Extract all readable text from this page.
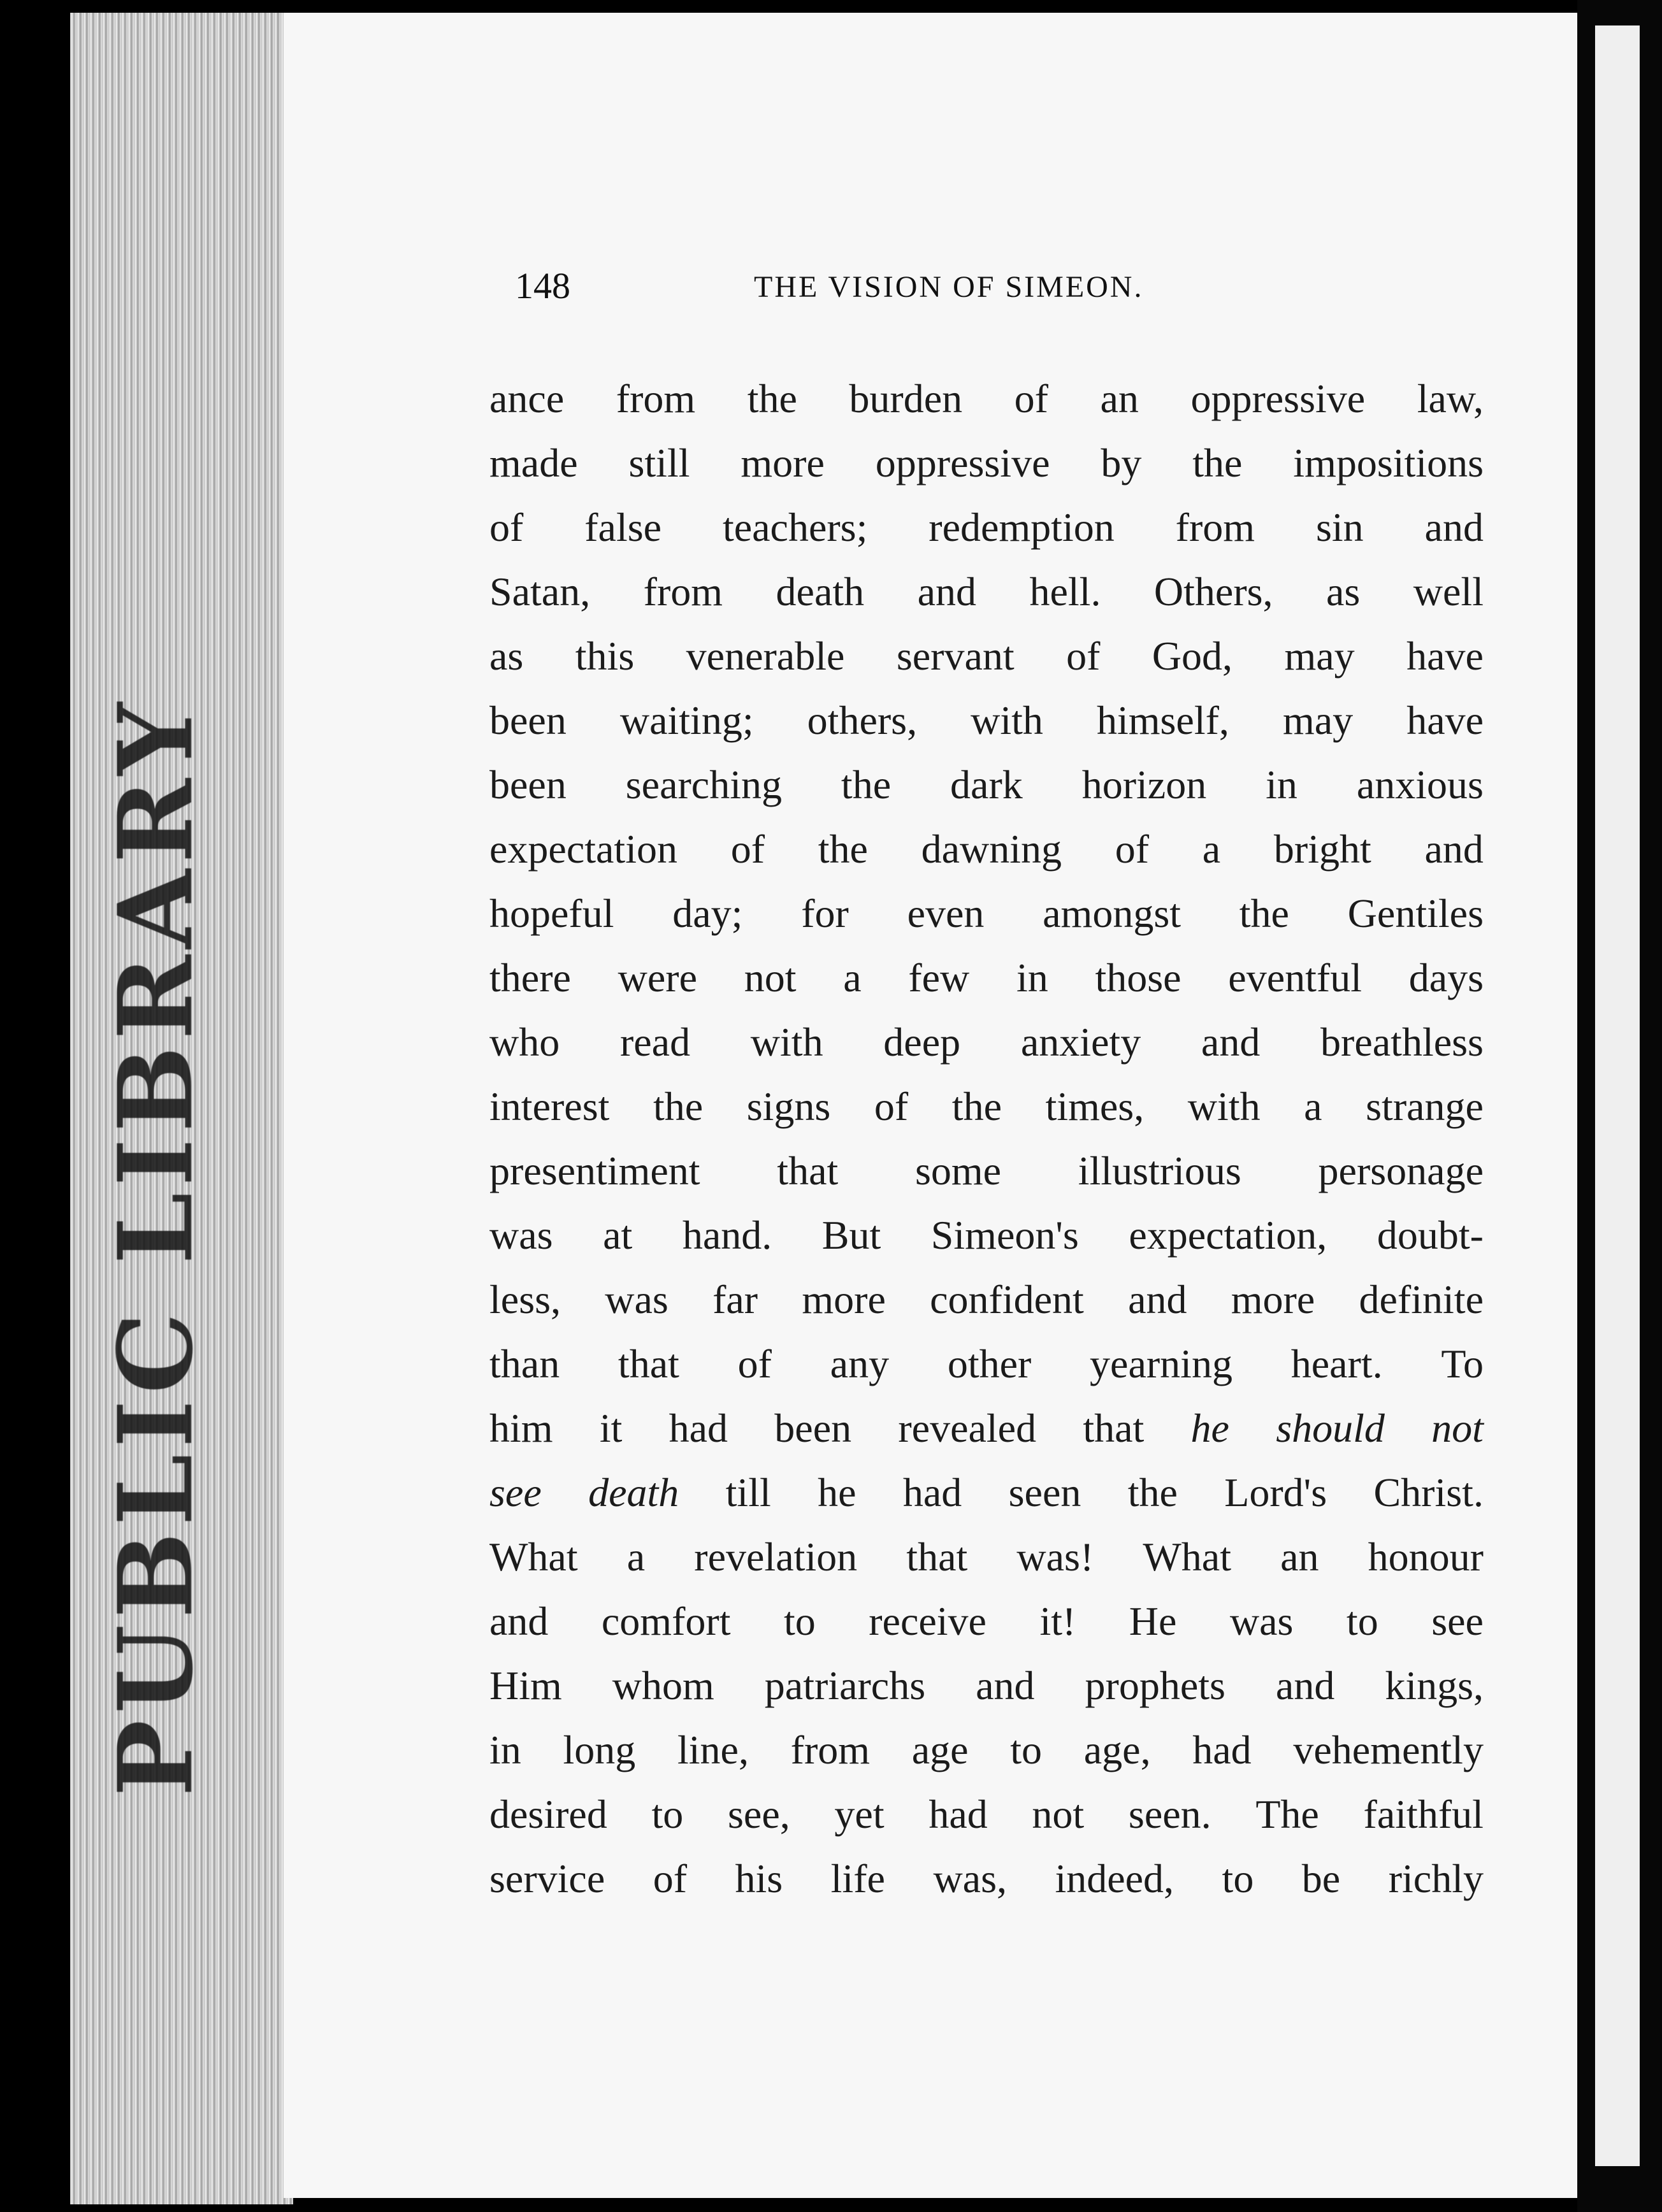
PUBLIC LIBRARY
148	THE VISION OF SIMEON.
ance from the burden of an oppressive law,
made still more oppressive by the impositions
of false teachers; redemption from sin and
Satan, from death and hell. Others, as well
as this venerable servant of God, may have
been waiting; others, with himself, may have
been searching the dark horizon in anxious
expectation of the dawning of a bright and
hopeful day; for even amongst the Gentiles
there were not a few in those eventful days
who read with deep anxiety and breathless
interest the signs of the times, with a strange
presentiment that some illustrious personage
was at hand. But Simeon's expectation, doubt-
less, was far more confident and more definite
than that of any other yearning heart. To
him it had been revealed that he should not
see death till he had seen the Lord's Christ.
What a revelation that was! What an honour
and comfort to receive it! He was to see
Him whom patriarchs and prophets and kings,
in long line, from age to age, had vehemently
desired to see, yet had not seen. The faithful
service of his life was, indeed, to be richly
